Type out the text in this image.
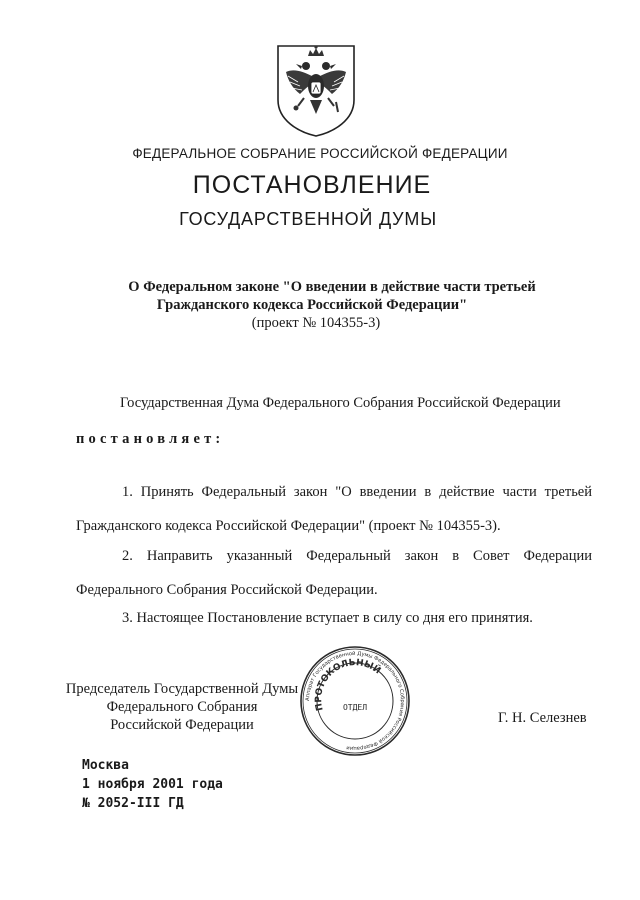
ФЕДЕРАЛЬНОЕ СОБРАНИЕ РОССИЙСКОЙ ФЕДЕРАЦИИ
ПОСТАНОВЛЕНИЕ
ГОСУДАРСТВЕННОЙ ДУМЫ
О Федеральном законе "О введении в действие части третьей
Гражданского кодекса Российской Федерации"
(проект № 104355-3)
Государственная Дума Федерального Собрания Российской Федерации
постановляет:
1. Принять Федеральный закон "О введении в действие части третьей
Гражданского кодекса Российской Федерации" (проект № 104355-3).
2. Направить указанный Федеральный закон в Совет Федерации
Федерального Собрания Российской Федерации.
3. Настоящее Постановление вступает в силу со дня его принятия.
Председатель Государственной Думы
Федерального Собрания
Российской Федерации
Аппарат Государственной Думы Федерального Собрания Российской Федерации
ПРОТОКОЛЬНЫЙ
ОТДЕЛ
Г. Н. Селезнев
Москва
1 ноября 2001 года
№ 2052-III ГД
